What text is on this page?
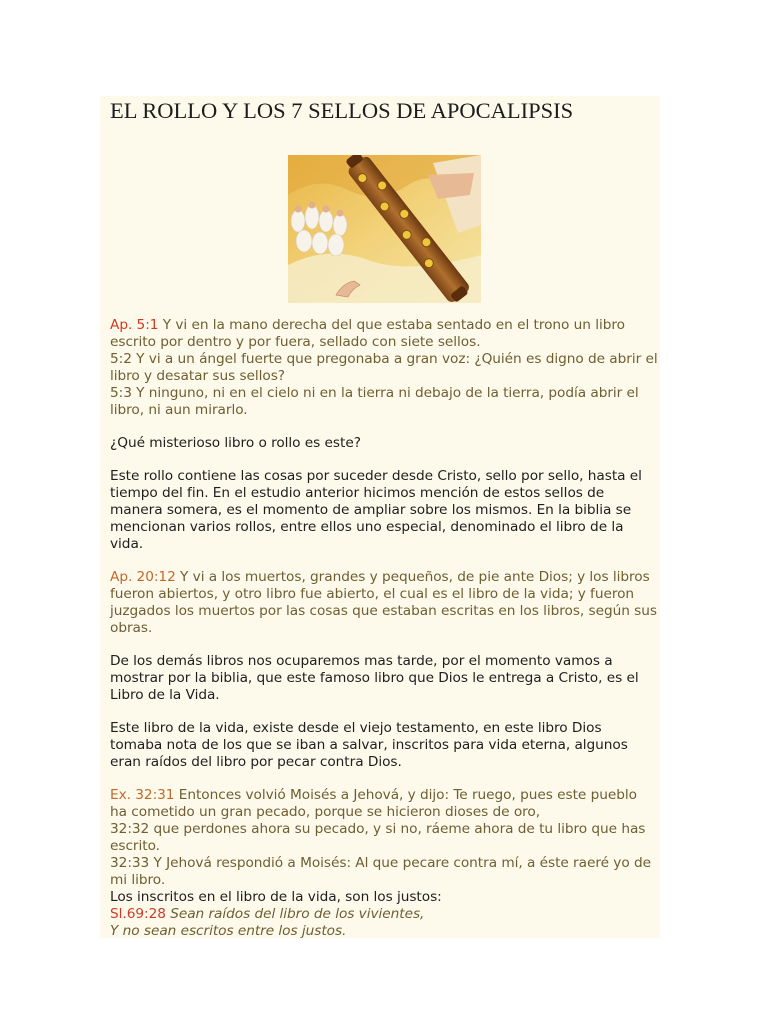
EL ROLLO Y LOS 7 SELLOS DE APOCALIPSIS

Ap. 5:1 Y vi en la mano derecha del que estaba sentado en el trono un libro escrito por dentro y por fuera, sellado con siete sellos.
5:2 Y vi a un ángel fuerte que pregonaba a gran voz: ¿Quién es digno de abrir el libro y desatar sus sellos?
5:3 Y ninguno, ni en el cielo ni en la tierra ni debajo de la tierra, podía abrir el libro, ni aun mirarlo.

¿Qué misterioso libro o rollo es este?

Este rollo contiene las cosas por suceder desde Cristo, sello por sello, hasta el tiempo del fin. En el estudio anterior hicimos mención de estos sellos de manera somera, es el momento de ampliar sobre los mismos. En la biblia se mencionan varios rollos, entre ellos uno especial, denominado el libro de la vida.

Ap. 20:12 Y vi a los muertos, grandes y pequeños, de pie ante Dios; y los libros fueron abiertos, y otro libro fue abierto, el cual es el libro de la vida; y fueron juzgados los muertos por las cosas que estaban escritas en los libros, según sus obras.

De los demás libros nos ocuparemos mas tarde, por el momento vamos a mostrar por la biblia, que este famoso libro que Dios le entrega a Cristo, es el Libro de la Vida.

Este libro de la vida, existe desde el viejo testamento, en este libro Dios tomaba nota de los que se iban a salvar, inscritos para vida eterna, algunos eran raídos del libro por pecar contra Dios.

Ex. 32:31 Entonces volvió Moisés a Jehová, y dijo: Te ruego, pues este pueblo ha cometido un gran pecado, porque se hicieron dioses de oro,
32:32 que perdones ahora su pecado, y si no, ráeme ahora de tu libro que has escrito.
32:33 Y Jehová respondió a Moisés: Al que pecare contra mí, a éste raeré yo de mi libro.
Los inscritos en el libro de la vida, son los justos:
Sl.69:28 Sean raídos del libro de los vivientes,
Y no sean escritos entre los justos.
